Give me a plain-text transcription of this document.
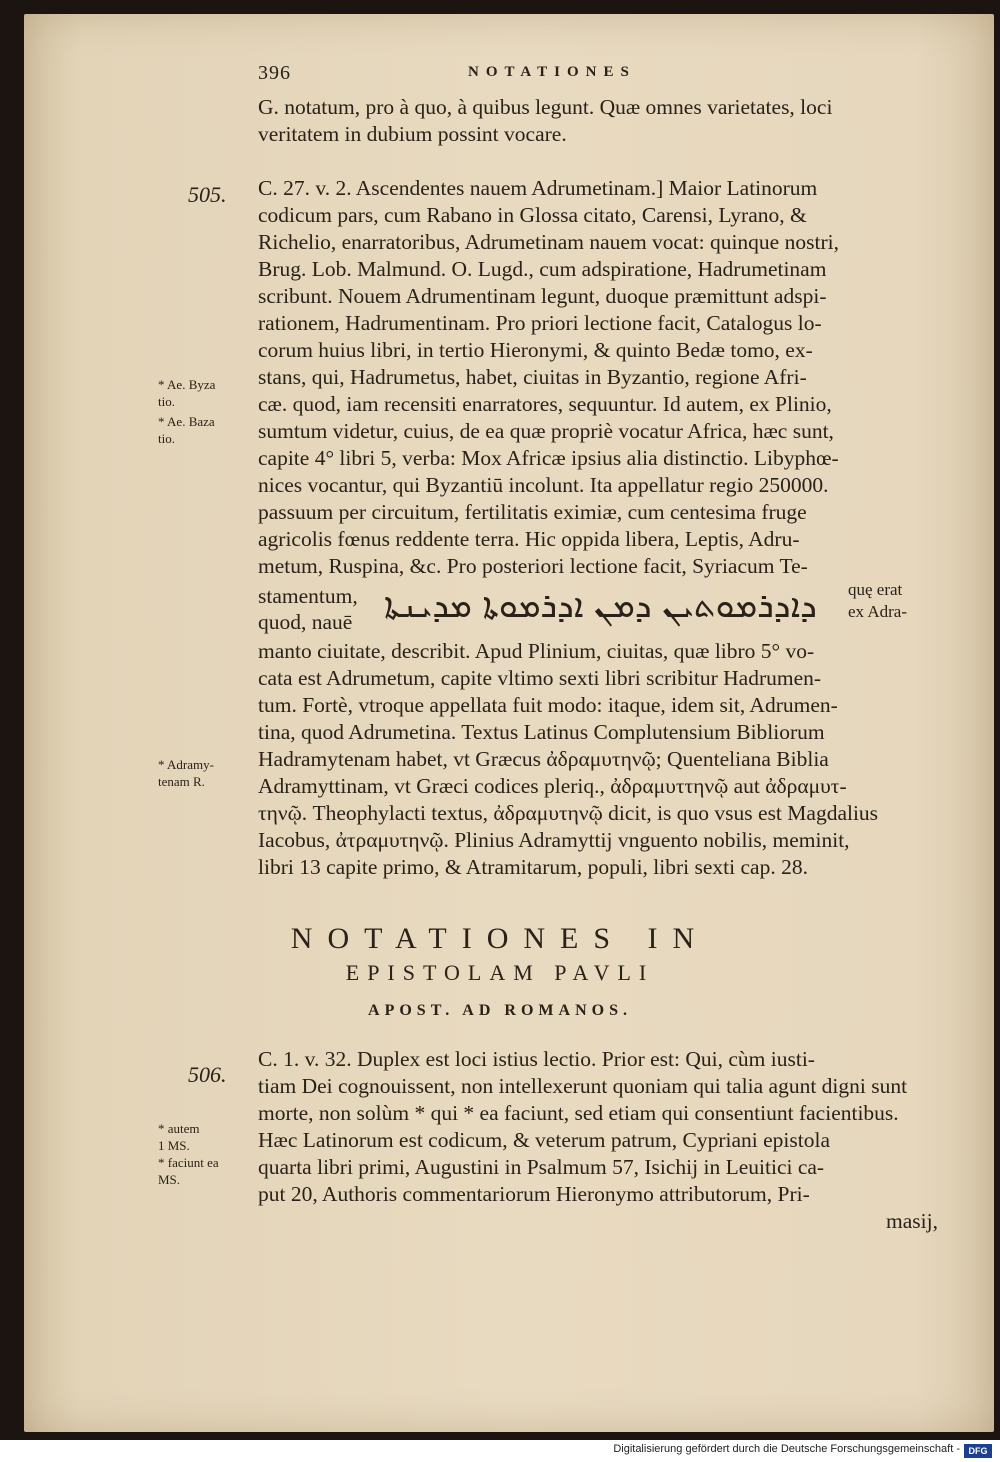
396	NOTATIONES
G. notatum, pro à quo, à quibus legunt. Quæ omnes varietates, loci
veritatem in dubium possint vocare.
505. C. 27. v. 2. Ascendentes nauem Adrumetinam.] Maior Latinorum
codicum pars, cum Rabano in Glossa citato, Carensi, Lyrano, &
Richelio, enarratoribus, Adrumetinam nauem vocat: quinque nostri,
Brug. Lob. Malmund. O. Lugd., cum adspiratione, Hadrumetinam
scribunt. Nouem Adrumentinam legunt, duoque præmittunt adspi-
rationem, Hadrumentinam. Pro priori lectione facit, Catalogus lo-
corum huius libri, in tertio Hieronymi, & quinto Bedæ tomo, ex-
stans, qui, Hadrumetus, habet, ciuitas in Byzantio, regione Afri-
cæ. quod, iam recensiti enarratores, sequuntur. Id autem, ex Plinio,
sumtum videtur, cuius, de ea quæ propriè vocatur Africa, hæc sunt,
capite 4° libri 5, verba: Mox Africæ ipsius alia distinctio. Libyphœ-
nices vocantur, qui Byzantiū incolunt. Ita appellatur regio 250000.
passuum per circuitum, fertilitatis eximiæ, cum centesima fruge
agricolis fœnus reddente terra. Hic oppida libera, Leptis, Adru-
metum, Ruspina, &c. Pro posteriori lectione facit, Syriacum Te-
* Ae. Byza
tio.
* Ae. Baza
tio.
stamentum,
quod, nauē ܕܐܕܪܡܘܬܝܢ ܕܡܢ ܐܕܪܡܘܬܐ ܡܕܝܢܬܐ quę erat
ex Adra-
manto ciuitate, describit. Apud Plinium, ciuitas, quæ libro 5° vo-
cata est Adrumetum, capite vltimo sexti libri scribitur Hadrumen-
tum. Fortè, vtroque appellata fuit modo: itaque, idem sit, Adrumen-
tina, quod Adrumetina. Textus Latinus Complutensium Bibliorum
Hadramytenam habet, vt Græcus ἀδραμυτηνῷ; Quenteliana Biblia
Adramyttinam, vt Græci codices pleriq., ἀδραμυττηνῷ aut ἀδραμυτ-
τηνῷ. Theophylacti textus, ἀδραμυτηνῷ dicit, is quo vsus est Magdalius
Iacobus, ἀτραμυτηνῷ. Plinius Adramyttij vnguento nobilis, meminit,
libri 13 capite primo, & Atramitarum, populi, libri sexti cap. 28.
* Adramy-
tenam R.
NOTATIONES IN
EPISTOLAM PAVLI
APOST. AD ROMANOS.
506.
C. 1. v. 32. Duplex est loci istius lectio. Prior est: Qui, cùm iusti-
tiam Dei cognouissent, non intellexerunt quoniam qui talia agunt digni sunt
morte, non solùm * qui * ea faciunt, sed etiam qui consentiunt facientibus.
Hæc Latinorum est codicum, & veterum patrum, Cypriani epistola
quarta libri primi, Augustini in Psalmum 57, Isichij in Leuitici ca-
put 20, Authoris commentariorum Hieronymo attributorum, Pri-
masij,
* autem
1 MS.
* faciunt ea
MS.
Digitalisierung gefördert durch die Deutsche Forschungsgemeinschaft - DFG
